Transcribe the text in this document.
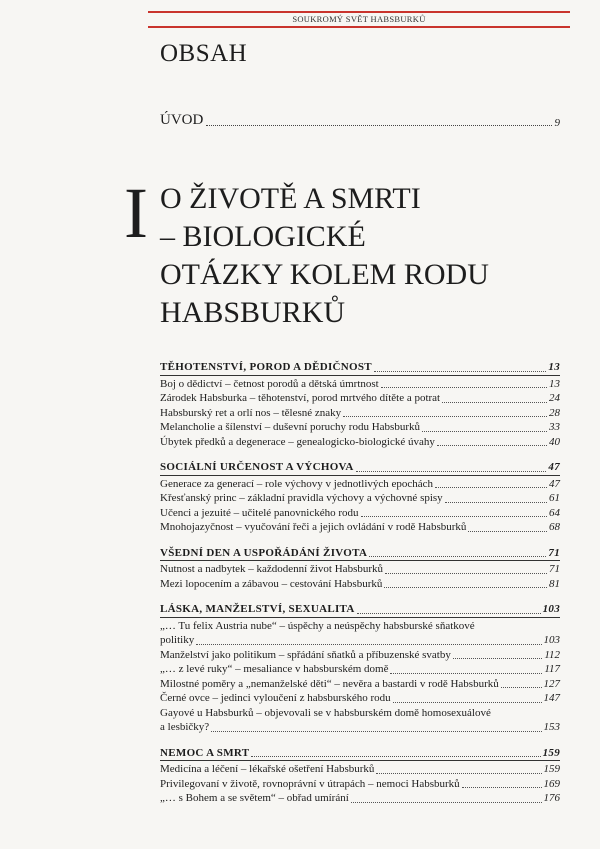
SOUKROMÝ SVĚT HABSBURKŮ
OBSAH
ÚVOD	9
I O ŽIVOTĚ A SMRTI
– BIOLOGICKÉ
OTÁZKY KOLEM RODU
HABSBURKŮ
TĚHOTENSTVÍ, POROD A DĚDIČNOST	13
Boj o dědictví – četnost porodů a dětská úmrtnost	13
Zárodek Habsburka – těhotenství, porod mrtvého dítěte a potrat	24
Habsburský ret a orlí nos – tělesné znaky	28
Melancholie a šílenství – duševní poruchy rodu Habsburků	33
Úbytek předků a degenerace – genealogicko-biologické úvahy	40
SOCIÁLNÍ URČENOST A VÝCHOVA	47
Generace za generací – role výchovy v jednotlivých epochách	47
Křesťanský princ – základní pravidla výchovy a výchovné spisy	61
Učenci a jezuité – učitelé panovnického rodu	64
Mnohojazyčnost – vyučování řeči a jejich ovládání v rodě Habsburků	68
VŠEDNÍ DEN A USPOŘÁDÁNÍ ŽIVOTA	71
Nutnost a nadbytek – každodenní život Habsburků	71
Mezi lopocením a zábavou – cestování Habsburků	81
LÁSKA, MANŽELSTVÍ, SEXUALITA	103
„… Tu felix Austria nube“ – úspěchy a neúspěchy habsburské sňatkové
politiky	103
Manželství jako politikum – spřádání sňatků a příbuzenské svatby	112
„… z levé ruky“ – mesaliance v habsburském domě	117
Milostné poměry a „nemanželské děti“ – nevěra a bastardi v rodě Habsburků	127
Černé ovce – jedinci vyloučení z habsburského rodu	147
Gayové u Habsburků – objevovali se v habsburském domě homosexuálové
a lesbičky?	153
NEMOC A SMRT	159
Medicína a léčení – lékařské ošetření Habsburků	159
Privilegovaní v životě, rovnoprávní v útrapách – nemoci Habsburků	169
„… s Bohem a se světem“ – obřad umírání	176
